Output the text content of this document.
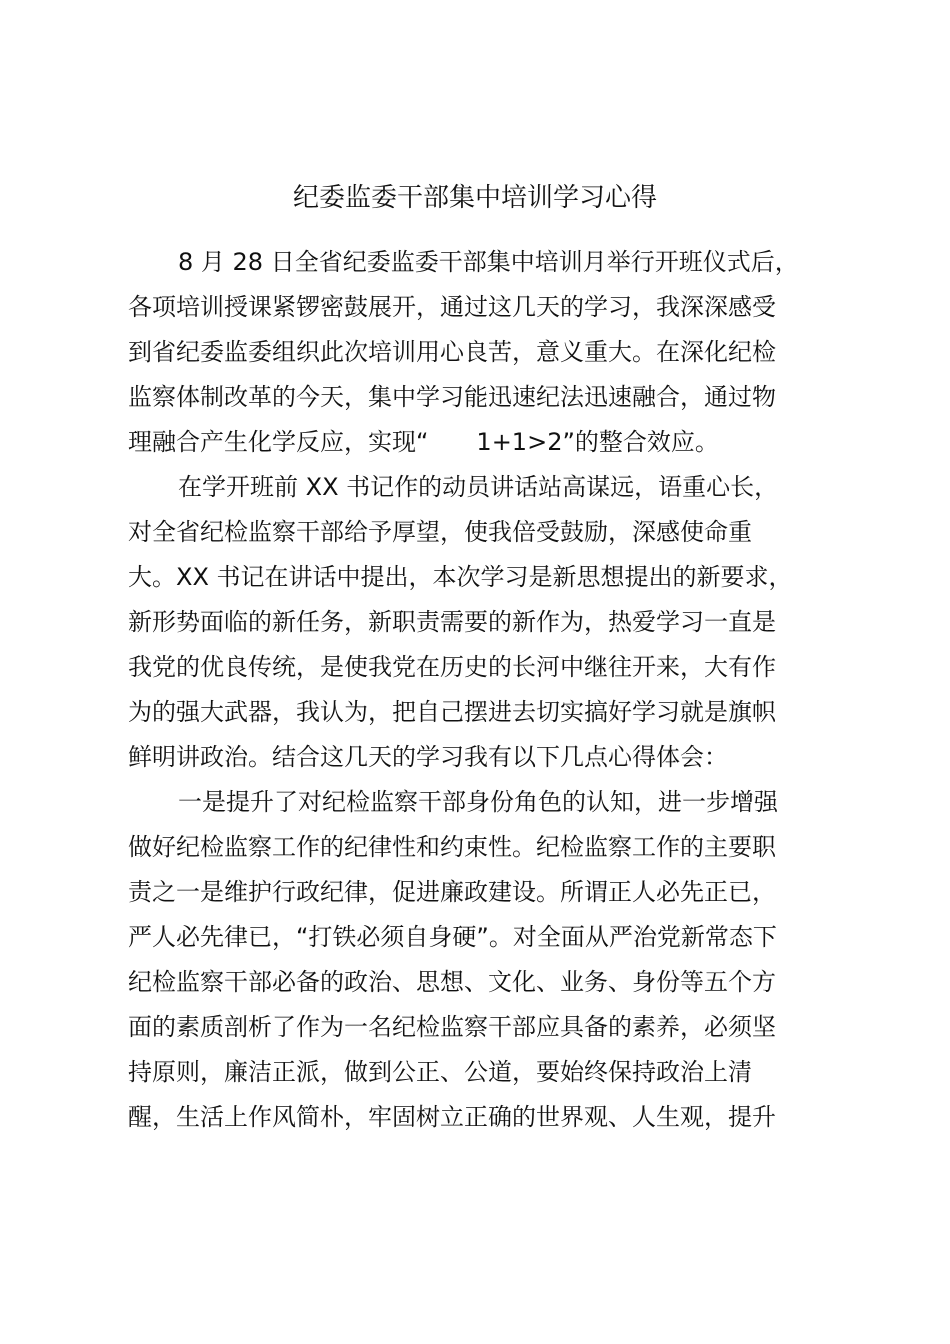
纪委监委干部集中培训学习心得
8 月 28 日全省纪委监委干部集中培训月举行开班仪式后，
各项培训授课紧锣密鼓展开，通过这几天的学习，我深深感受
到省纪委监委组织此次培训用心良苦，意义重大。在深化纪检
监察体制改革的今天，集中学习能迅速纪法迅速融合，通过物
理融合产生化学反应，实现“　　1+1>2”的整合效应。
在学开班前 XX 书记作的动员讲话站高谋远，语重心长，
对全省纪检监察干部给予厚望，使我倍受鼓励，深感使命重
大。XX 书记在讲话中提出，本次学习是新思想提出的新要求，
新形势面临的新任务，新职责需要的新作为，热爱学习一直是
我党的优良传统，是使我党在历史的长河中继往开来，大有作
为的强大武器，我认为，把自己摆进去切实搞好学习就是旗帜
鲜明讲政治。结合这几天的学习我有以下几点心得体会：
一是提升了对纪检监察干部身份角色的认知，进一步增强
做好纪检监察工作的纪律性和约束性。纪检监察工作的主要职
责之一是维护行政纪律，促进廉政建设。所谓正人必先正已，
严人必先律已，“打铁必须自身硬”。对全面从严治党新常态下
纪检监察干部必备的政治、思想、文化、业务、身份等五个方
面的素质剖析了作为一名纪检监察干部应具备的素养，必须坚
持原则，廉洁正派，做到公正、公道，要始终保持政治上清
醒，生活上作风简朴，牢固树立正确的世界观、人生观，提升
